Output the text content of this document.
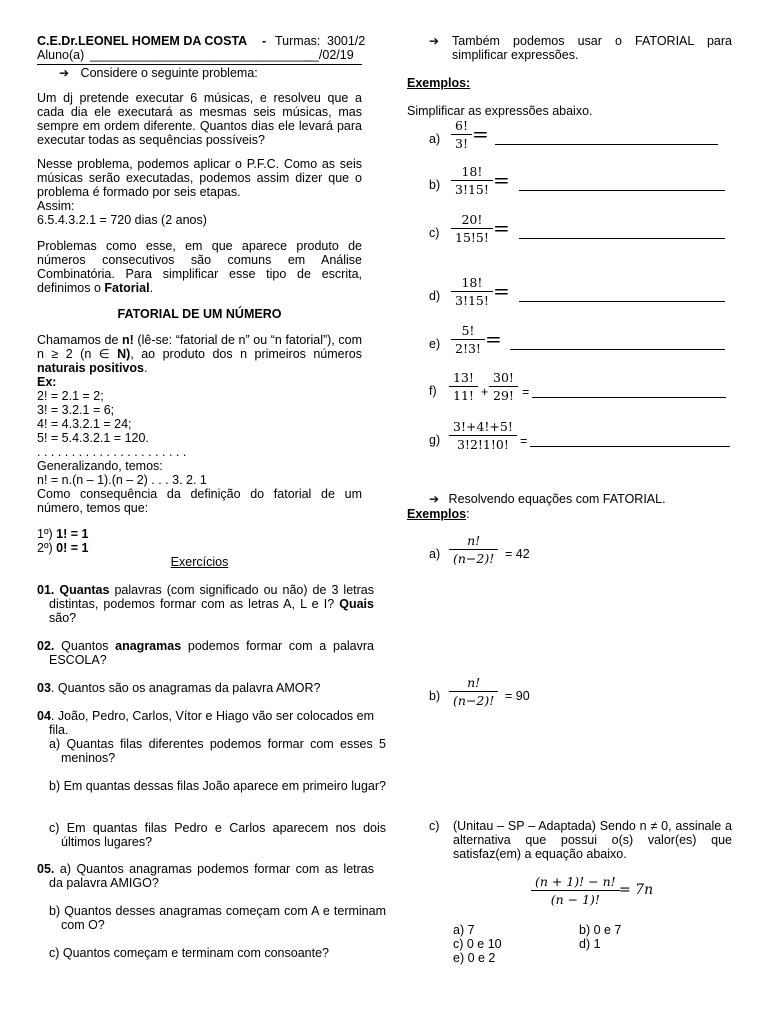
C.E.Dr.LEONEL HOMEM DA COSTA - Turmas: 3001/2
Aluno(a) ________________________________
__/02/19
➔ Considere o seguinte problema:
Um dj pretende executar 6 músicas, e resolveu que a cada dia ele executará as mesmas seis músicas, mas sempre em ordem diferente. Quantos dias ele levará para executar todas as sequências possíveis?
Nesse problema, podemos aplicar o P.F.C. Como as seis músicas serão executadas, podemos assim dizer que o problema é formado por seis etapas.
Assim:
6.5.4.3.2.1 = 720 dias (2 anos)
Problemas como esse, em que aparece produto de números consecutivos são comuns em Análise Combinatória. Para simplificar esse tipo de escrita, definimos o Fatorial.
FATORIAL DE UM NÚMERO
Chamamos de n! (lê-se: “fatorial de n” ou “n fatorial”), com n ≥ 2 (n ∈ N), ao produto dos n primeiros números naturais positivos.
Ex:
2! = 2.1 = 2;
3! = 3.2.1 = 6;
4! = 4.3.2.1 = 24;
5! = 5.4.3.2.1 = 120.
. . . . . . . . . . . . . . . . . . . . . .
Generalizando, temos:
n! = n.(n – 1).(n – 2) . . . 3. 2. 1
Como consequência da definição do fatorial de um número, temos que:
1º) 1! = 1
2º) 0! = 1
Exercícios
01. Quantas palavras (com significado ou não) de 3 letras distintas, podemos formar com as letras A, L e I? Quais são?
02. Quantos anagramas podemos formar com a palavra ESCOLA?
03. Quantos são os anagramas da palavra AMOR?
04. João, Pedro, Carlos, Vítor e Hiago vão ser colocados em fila.
a) Quantas filas diferentes podemos formar com esses 5 meninos?
b) Em quantas dessas filas João aparece em primeiro lugar?
c) Em quantas filas Pedro e Carlos aparecem nos dois últimos lugares?
05. a) Quantos anagramas podemos formar com as letras da palavra AMIGO?
b) Quantos desses anagramas começam com A e terminam com O?
c) Quantos começam e terminam com consoante?
➔ Também podemos usar o FATORIAL para simplificar expressões.
Exemplos:
Simplificar as expressões abaixo.
$a) \frac{6!}{3!}$ =
$b) \frac{18!}{3!15!}$ =
$c) \frac{20!}{15!5!}$ =
$d) \frac{18!}{3!15!}$ =
$e) \frac{5!}{2!3!}$ =
$f) \frac{13!}{11!} + \frac{30!}{29!}$ =
$g) \frac{3!+4!+5!}{3!2!1!0!}$ =
➔ Resolvendo equações com FATORIAL.
Exemplos:
$a) \frac{n!}{(n-2)!} = 42$
$b) \frac{n!}{(n-2)!} = 90$
c) (Unitau – SP – Adaptada) Sendo n ≠ 0, assinale a alternativa que possui o(s) valor(es) que satisfaz(em) a equação abaixo.
$\frac{(n + 1)! - n!}{(n - 1)!} = 7n$
a) 7	b) 0 e 7
c) 0 e 10	d) 1
e) 0 e 2
